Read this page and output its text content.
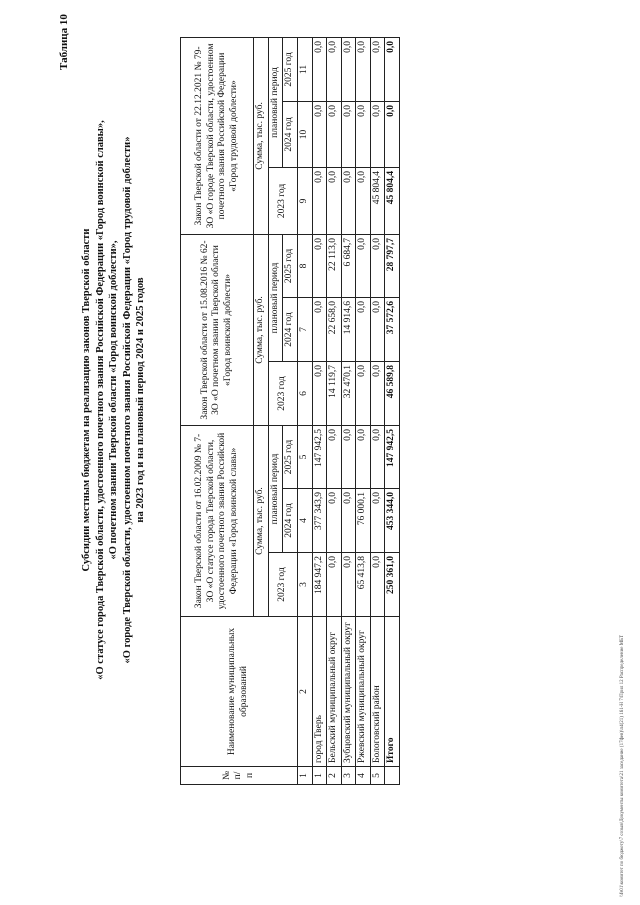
Таблица 10
Субсидии местным бюджетам на реализацию законов Тверской области «О статусе города Тверской области, удостоенного почетного звания Российской Федерации «Город воинской славы», «О почетном звании Тверской области «Город воинской доблести», «О городе Тверской области, удостоенном почетного звания Российской Федерации «Город трудовой доблести» на 2023 год и на плановый период 2024 и 2025 годов
№ п/п	Наименование муниципальных образований	Закон Тверской области от 16.02.2009 № 7-ЗО «О статусе города Тверской области, удостоенного почетного звания Российской Федерации «Город воинской славы»			Закон Тверской области от 15.08.2016 № 62-ЗО «О почетном звании Тверской области «Город воинской доблести»			Закон Тверской области от 22.12.2021 № 79-ЗО «О городе Тверской области, удостоенном почетного звания Российской Федерации «Город трудовой доблести»		
		Сумма, тыс. руб.			Сумма, тыс. руб.			Сумма, тыс. руб.		
		2023 год	плановый период		2023 год	плановый период		2023 год	плановый период	
			2024 год	2025 год		2024 год	2025 год		2024 год	2025 год
1	2	3	4	5	6	7	8	9	10	11
1	город Тверь	184 947,2	377 343,9	147 942,5	0,0	0,0	0,0	0,0	0,0	0,0
2	Бельский муниципальный округ	0,0	0,0	0,0	14 119,7	22 658,0	22 113,0	0,0	0,0	0,0
3	Зубцовский муниципальный округ	0,0	0,0	0,0	32 470,1	14 914,6	6 684,7	0,0	0,0	0,0
4	Ржевский муниципальный округ	65 413,8	76 000,1	0,0	0,0	0,0	0,0	0,0	0,0	0,0
5	Бологовский район	0,0	0,0	0,0	0,0	0,0	0,0	45 804,4	0,0	0,0
	Итого	250 361,0	453 344,0	147 942,5	46 589,8	37 572,6	28 797,7	45 804,4	0,0	0,0
\\fs01\комитет по бюджету\7 созыв\Документы комитета\21 заседание (17фев)\п4(21) 161-Н 7\Прил 12 Распределение МБТ
